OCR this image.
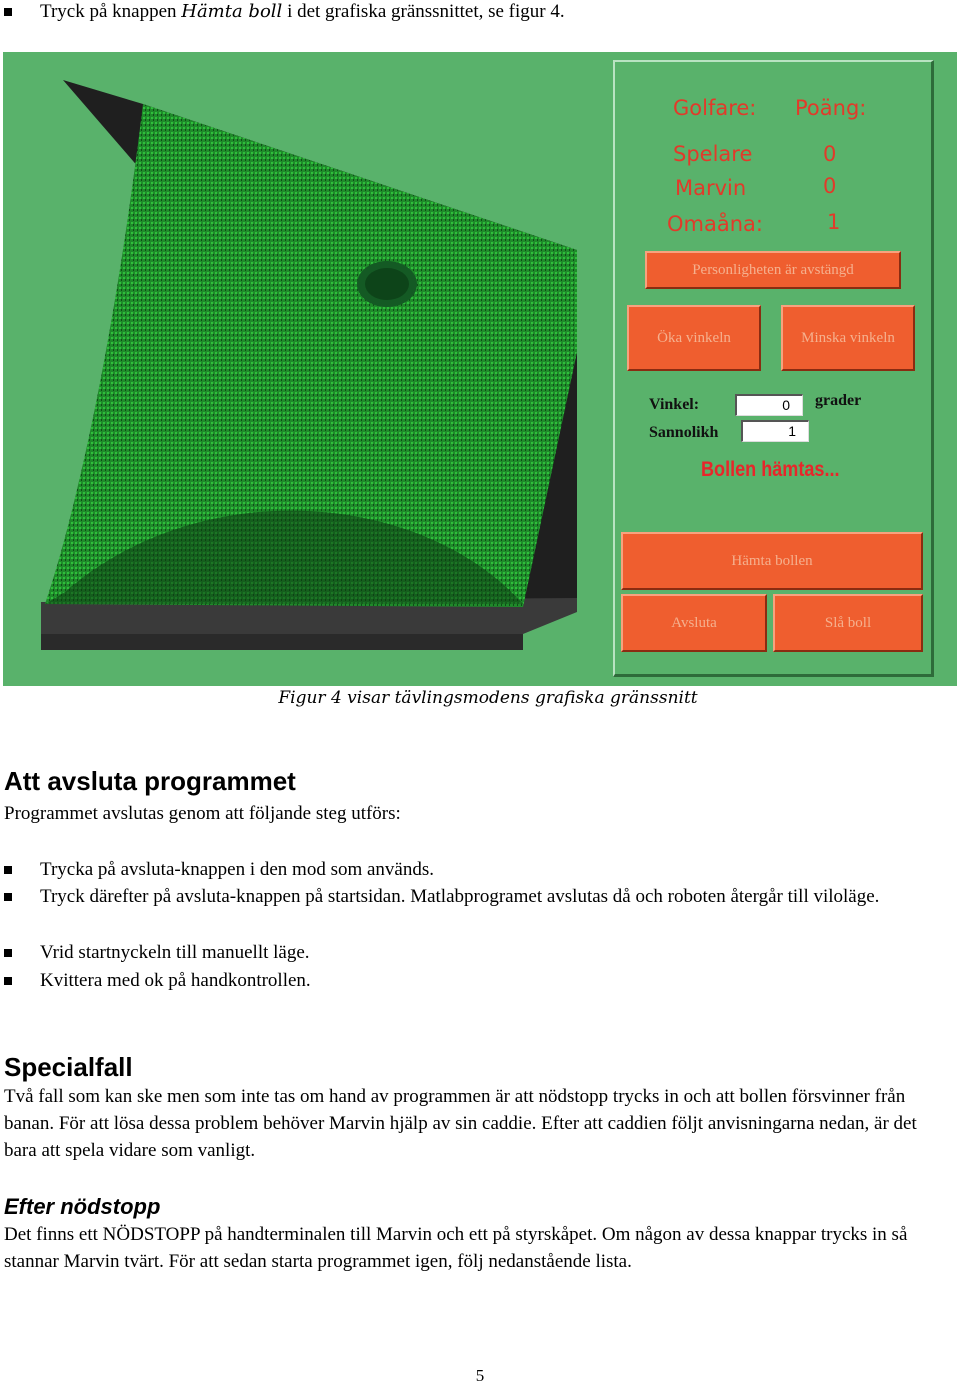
Tryck på knappen Hämta boll i det grafiska gränssnittet, se figur 4.
Golfare: Poäng:
Spelare	0
Marvin	0
Omaåna:	1
Personligheten är avstängd
Öka vinkeln	Minska vinkeln
Vinkel:	0	grader
Sannolikh	1
Bollen hämtas...
Hämta bollen
Avsluta	Slå boll
Figur 4 visar tävlingsmodens grafiska gränssnitt
Att avsluta programmet
Programmet avslutas genom att följande steg utförs:
Trycka på avsluta-knappen i den mod som används.
Tryck därefter på avsluta-knappen på startsidan. Matlabprogramet avslutas då och roboten återgår till viloläge.
Vrid startnyckeln till manuellt läge.
Kvittera med ok på handkontrollen.
Specialfall
Två fall som kan ske men som inte tas om hand av programmen är att nödstopp trycks in och att bollen försvinner från banan. För att lösa dessa problem behöver Marvin hjälp av sin caddie. Efter att caddien följt anvisningarna nedan, är det bara att spela vidare som vanligt.
Efter nödstopp
Det finns ett NÖDSTOPP på handterminalen till Marvin och ett på styrskåpet. Om någon av dessa knappar trycks in så stannar Marvin tvärt. För att sedan starta programmet igen, följ nedanstående lista.
5
